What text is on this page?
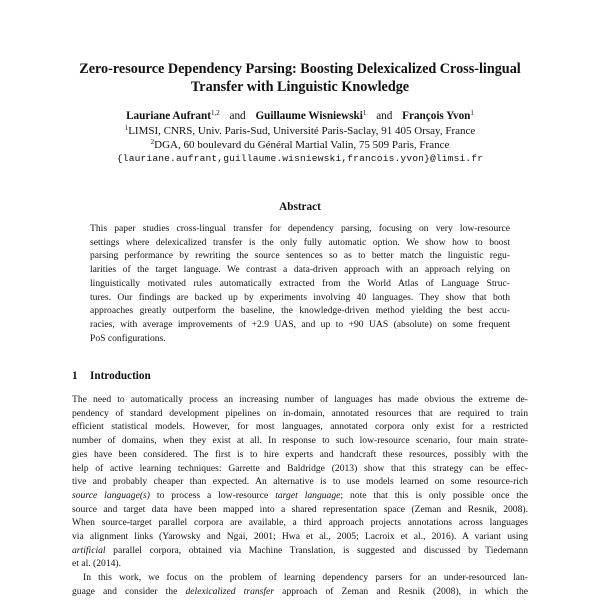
Zero-resource Dependency Parsing: Boosting Delexicalized Cross-lingual
Transfer with Linguistic Knowledge
Lauriane Aufrant$^{1,2}$ and Guillaume Wisniewski$^1$ and François Yvon$^1$
$^1$LIMSI, CNRS, Univ. Paris-Sud, Université Paris-Saclay, 91 405 Orsay, France
$^2$DGA, 60 boulevard du Général Martial Valin, 75 509 Paris, France
{lauriane.aufrant,guillaume.wisniewski,francois.yvon}@limsi.fr
Abstract
This paper studies cross-lingual transfer for dependency parsing, focusing on very low-resource
settings where delexicalized transfer is the only fully automatic option. We show how to boost
parsing performance by rewriting the source sentences so as to better match the linguistic regu-
larities of the target language. We contrast a data-driven approach with an approach relying on
linguistically motivated rules automatically extracted from the World Atlas of Language Struc-
tures. Our findings are backed up by experiments involving 40 languages. They show that both
approaches greatly outperform the baseline, the knowledge-driven method yielding the best accu-
racies, with average improvements of +2.9 UAS, and up to +90 UAS (absolute) on some frequent
PoS configurations.
1 Introduction
The need to automatically process an increasing number of languages has made obvious the extreme de-
pendency of standard development pipelines on in-domain, annotated resources that are required to train
efficient statistical models. However, for most languages, annotated corpora only exist for a restricted
number of domains, when they exist at all. In response to such low-resource scenario, four main strate-
gies have been considered. The first is to hire experts and handcraft these resources, possibly with the
help of active learning techniques: Garrette and Baldridge (2013) show that this strategy can be effec-
tive and probably cheaper than expected. An alternative is to use models learned on some resource-rich
source language(s) to process a low-resource target language; note that this is only possible once the
source and target data have been mapped into a shared representation space (Zeman and Resnik, 2008).
When source-target parallel corpora are available, a third approach projects annotations across languages
via alignment links (Yarowsky and Ngai, 2001; Hwa et al., 2005; Lacroix et al., 2016). A variant using
artificial parallel corpora, obtained via Machine Translation, is suggested and discussed by Tiedemann
et al. (2014).
In this work, we focus on the problem of learning dependency parsers for an under-resourced lan-
guage and consider the delexicalized transfer approach of Zeman and Resnik (2008), in which the
